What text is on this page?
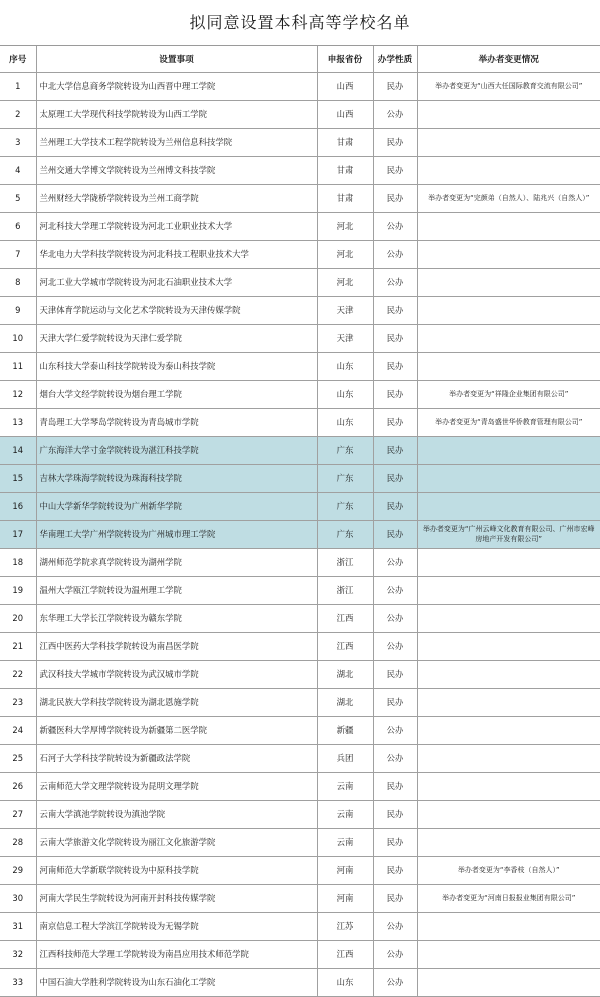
拟同意设置本科高等学校名单
序号	设置事项	申报省份	办学性质	举办者变更情况
1	中北大学信息商务学院转设为山西晋中理工学院	山西	民办	举办者变更为“山西大任国际教育交流有限公司”
2	太原理工大学现代科技学院转设为山西工学院	山西	公办	
3	兰州理工大学技术工程学院转设为兰州信息科技学院	甘肃	民办	
4	兰州交通大学博文学院转设为兰州博文科技学院	甘肃	民办	
5	兰州财经大学陇桥学院转设为兰州工商学院	甘肃	民办	举办者变更为“完颜弟（自然人）、陆兆兴（自然人）”
6	河北科技大学理工学院转设为河北工业职业技术大学	河北	公办	
7	华北电力大学科技学院转设为河北科技工程职业技术大学	河北	公办	
8	河北工业大学城市学院转设为河北石油职业技术大学	河北	公办	
9	天津体育学院运动与文化艺术学院转设为天津传媒学院	天津	民办	
10	天津大学仁爱学院转设为天津仁爱学院	天津	民办	
11	山东科技大学泰山科技学院转设为泰山科技学院	山东	民办	
12	烟台大学文经学院转设为烟台理工学院	山东	民办	举办者变更为“祥隆企业集团有限公司”
13	青岛理工大学琴岛学院转设为青岛城市学院	山东	民办	举办者变更为“青岛盛世华侨教育管理有限公司”
14	广东海洋大学寸金学院转设为湛江科技学院	广东	民办	
15	吉林大学珠海学院转设为珠海科技学院	广东	民办	
16	中山大学新华学院转设为广州新华学院	广东	民办	
17	华南理工大学广州学院转设为广州城市理工学院	广东	民办	举办者变更为“广州云峰文化教育有限公司、广州市宏峰房地产开发有限公司”
18	湖州师范学院求真学院转设为湖州学院	浙江	公办	
19	温州大学瓯江学院转设为温州理工学院	浙江	公办	
20	东华理工大学长江学院转设为赣东学院	江西	公办	
21	江西中医药大学科技学院转设为南昌医学院	江西	公办	
22	武汉科技大学城市学院转设为武汉城市学院	湖北	民办	
23	湖北民族大学科技学院转设为湖北恩施学院	湖北	民办	
24	新疆医科大学厚博学院转设为新疆第二医学院	新疆	公办	
25	石河子大学科技学院转设为新疆政法学院	兵团	公办	
26	云南师范大学文理学院转设为昆明文理学院	云南	民办	
27	云南大学滇池学院转设为滇池学院	云南	民办	
28	云南大学旅游文化学院转设为丽江文化旅游学院	云南	民办	
29	河南师范大学新联学院转设为中原科技学院	河南	民办	举办者变更为“李香枝（自然人）”
30	河南大学民生学院转设为河南开封科技传媒学院	河南	民办	举办者变更为“河南日报报业集团有限公司”
31	南京信息工程大学滨江学院转设为无锡学院	江苏	公办	
32	江西科技师范大学理工学院转设为南昌应用技术师范学院	江西	公办	
33	中国石油大学胜利学院转设为山东石油化工学院	山东	公办	
